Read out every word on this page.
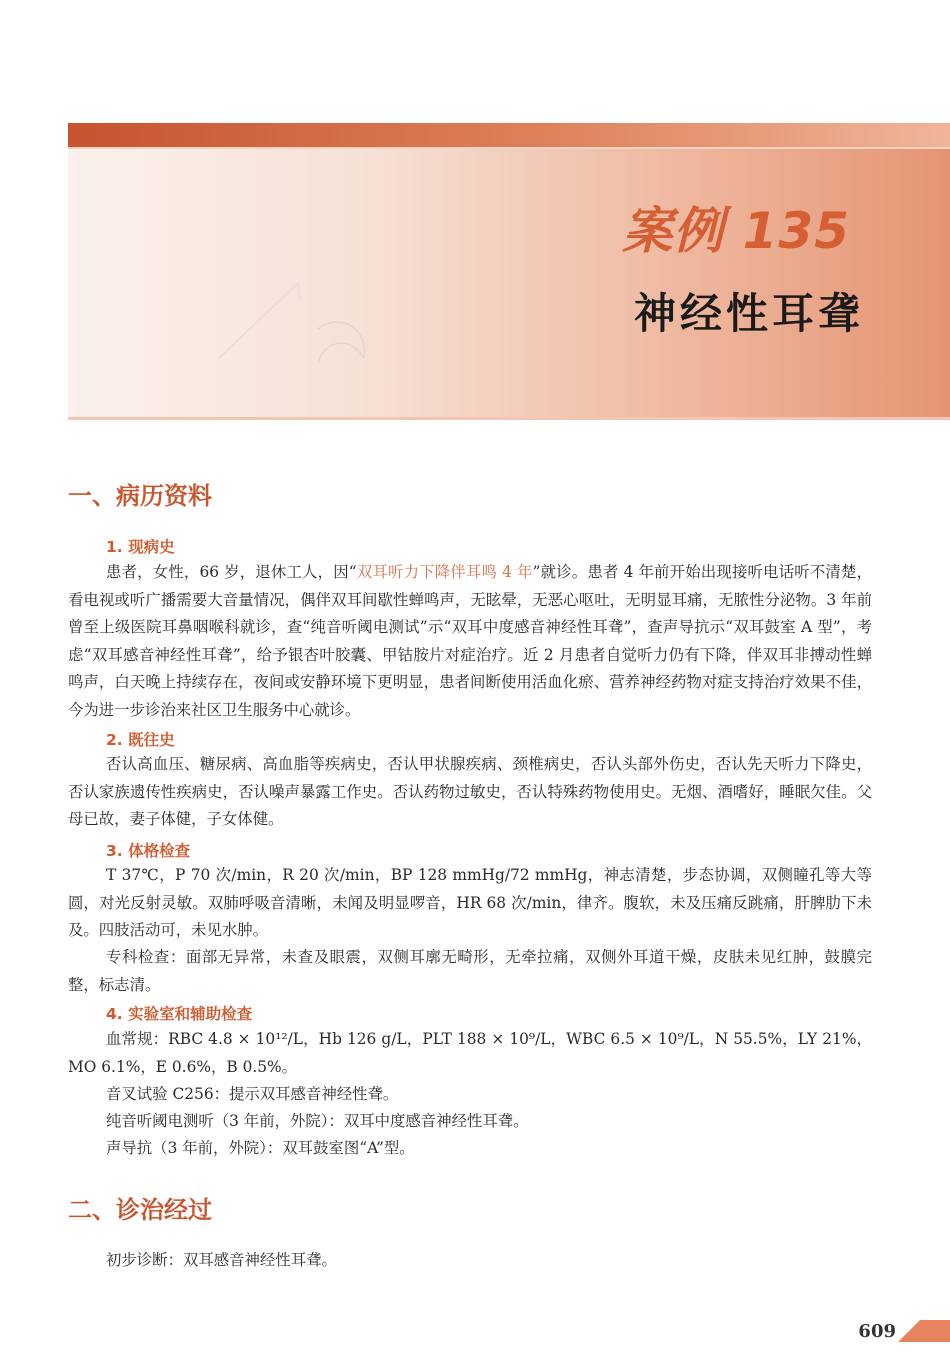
案例 135
神经性耳聋
一、病历资料
1. 现病史

患者，女性，66 岁，退休工人，因“双耳听力下降伴耳鸣 4 年”就诊。患者 4 年前开始出现接听电话听不清楚，看电视或听广播需要大音量情况，偶伴双耳间歇性蝉鸣声，无眩晕，无恶心呕吐，无明显耳痛，无脓性分泌物。3 年前曾至上级医院耳鼻咽喉科就诊，查“纯音听阈电测试”示“双耳中度感音神经性耳聋”，查声导抗示“双耳鼓室 A 型”，考虑“双耳感音神经性耳聋”，给予银杏叶胶囊、甲钴胺片对症治疗。近 2 月患者自觉听力仍有下降，伴双耳非搏动性蝉鸣声，白天晚上持续存在，夜间或安静环境下更明显，患者间断使用活血化瘀、营养神经药物对症支持治疗效果不佳，今为进一步诊治来社区卫生服务中心就诊。

2. 既往史

否认高血压、糖尿病、高血脂等疾病史，否认甲状腺疾病、颈椎病史，否认头部外伤史，否认先天听力下降史，否认家族遗传性疾病史，否认噪声暴露工作史。否认药物过敏史，否认特殊药物使用史。无烟、酒嗜好，睡眠欠佳。父母已故，妻子体健，子女体健。

3. 体格检查

T 37℃，P 70 次/min，R 20 次/min，BP 128 mmHg/72 mmHg，神志清楚，步态协调，双侧瞳孔等大等圆，对光反射灵敏。双肺呼吸音清晰，未闻及明显啰音，HR 68 次/min，律齐。腹软，未及压痛反跳痛，肝脾肋下未及。四肢活动可，未见水肿。

专科检查：面部无异常，未查及眼震，双侧耳廓无畸形，无牵拉痛，双侧外耳道干燥，皮肤未见红肿，鼓膜完整，标志清。

4. 实验室和辅助检查

血常规：RBC 4.8 × 10¹²/L，Hb 126 g/L，PLT 188 × 10⁹/L，WBC 6.5 × 10⁹/L，N 55.5%，LY 21%，MO 6.1%，E 0.6%，B 0.5%。

音叉试验 C256：提示双耳感音神经性聋。

纯音听阈电测听（3 年前，外院）：双耳中度感音神经性耳聋。

声导抗（3 年前，外院）：双耳鼓室图“A”型。

二、诊治经过

初步诊断：双耳感音神经性耳聋。

609
